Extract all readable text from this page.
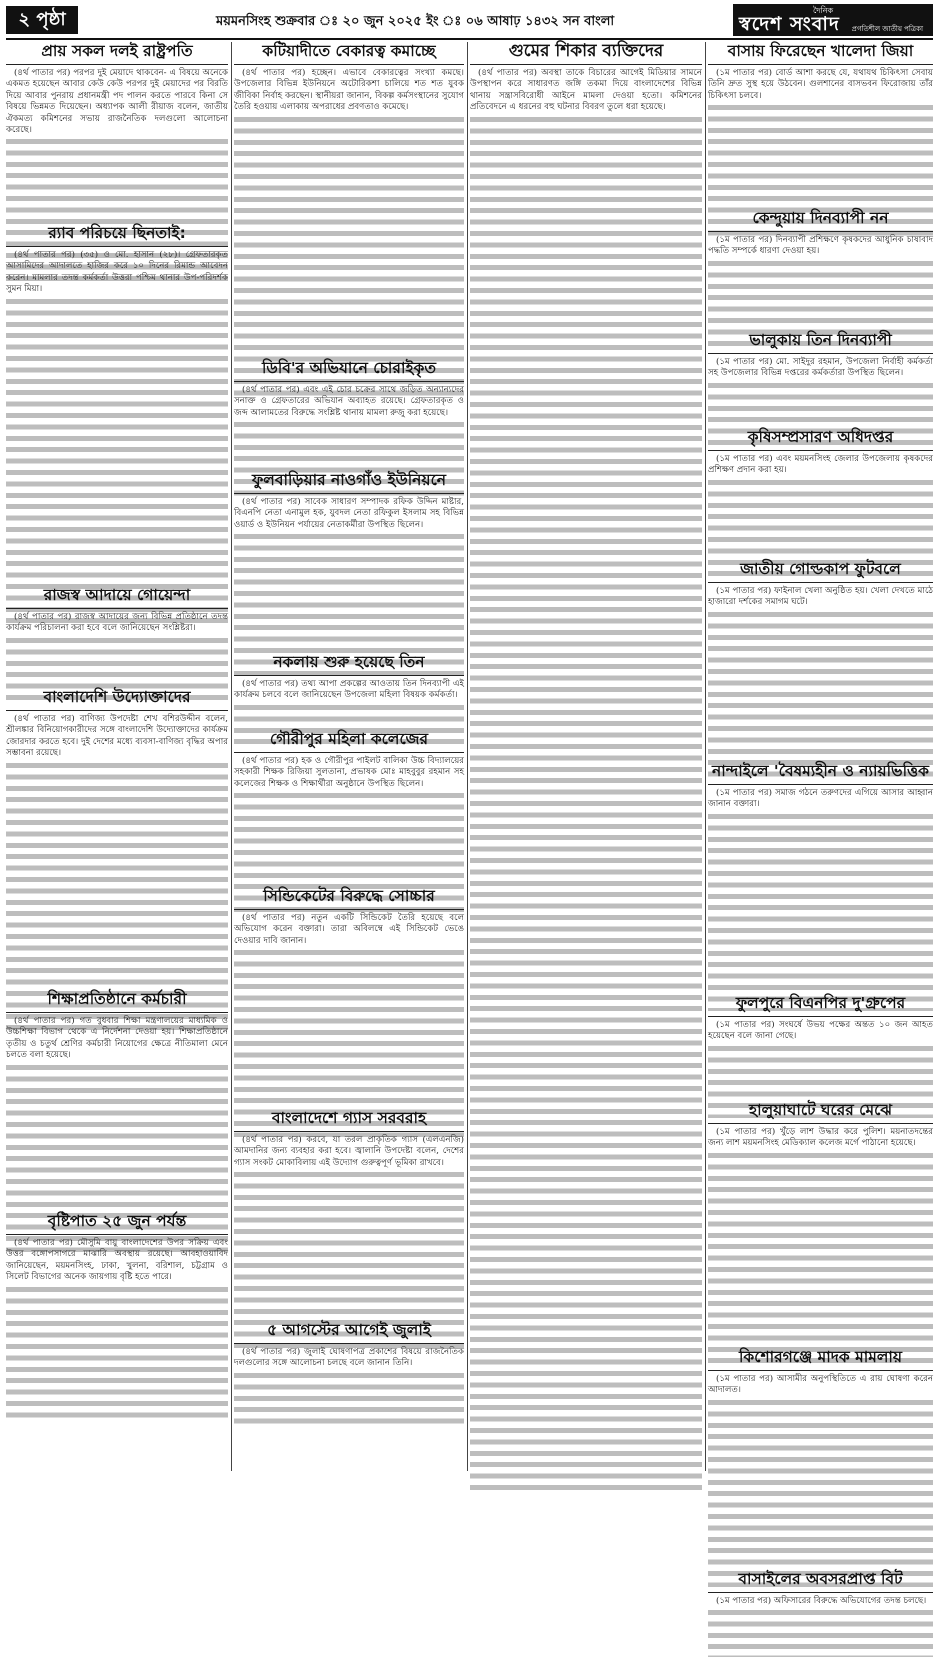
২ পৃষ্ঠা	ময়মনসিংহ শুক্রবার ঃ ২০ জুন ২০২৫ ইং ঃ ০৬ আষাঢ় ১৪৩২ সন বাংলা
দৈনিক
স্বদেশ সংবাদ প্রগতিশীল জাতীয় পত্রিকা
প্রায় সকল দলই রাষ্ট্রপতি

(৪র্থ পাতার পর) পরপর দুই মেয়াদে থাকবেন- এ বিষয়ে অনেকে একমত হয়েছেন আবার কেউ কেউ পরপর দুই মেয়াদের পর বিরতি দিয়ে আবার পুনরায় প্রধানমন্ত্রী পদ পালন করতে পারবে কিনা সে বিষয়ে ভিন্নমত দিয়েছেন। অধ্যাপক আলী রীয়াজ বলেন, জাতীয় ঐকমত্য কমিশনের সভায় রাজনৈতিক দলগুলো আলোচনা করেছে।

র‌্যাব পরিচয়ে ছিনতাই:

(৪র্থ পাতার পর) (৩৫) ও মো. হাসান (২৮)। গ্রেফতারকৃত আসামিদের আদালতে হাজির করে ১০ দিনের রিমান্ড আবেদন করেন। মামলার তদন্ত কর্মকর্তা উত্তরা পশ্চিম থানার উপ-পরিদর্শক সুমন মিয়া।

রাজস্ব আদায়ে গোয়েন্দা

(৪র্থ পাতার পর) রাজস্ব আদায়ের জন্য বিভিন্ন প্রতিষ্ঠানে তদন্ত কার্যক্রম পরিচালনা করা হবে বলে জানিয়েছেন সংশ্লিষ্টরা।

বাংলাদেশি উদ্যোক্তাদের

(৪র্থ পাতার পর) বাণিজ্য উপদেষ্টা শেখ বশিরউদ্দীন বলেন, শ্রীলঙ্কার বিনিয়োগকারীদের সঙ্গে বাংলাদেশি উদ্যোক্তাদের কার্যক্রম জোরদার করতে হবে। দুই দেশের মধ্যে ব্যবসা-বাণিজ্য বৃদ্ধির অপার সম্ভাবনা রয়েছে।

শিক্ষাপ্রতিষ্ঠানে কর্মচারী

(৪র্থ পাতার পর) গত বুধবার শিক্ষা মন্ত্রণালয়ের মাধ্যমিক ও উচ্চশিক্ষা বিভাগ থেকে এ নির্দেশনা দেওয়া হয়। শিক্ষাপ্রতিষ্ঠানে তৃতীয় ও চতুর্থ শ্রেণির কর্মচারী নিয়োগের ক্ষেত্রে নীতিমালা মেনে চলতে বলা হয়েছে।

বৃষ্টিপাত ২৫ জুন পর্যন্ত

(৪র্থ পাতার পর) মৌসুমি বায়ু বাংলাদেশের উপর সক্রিয় এবং উত্তর বঙ্গোপসাগরে মাঝারি অবস্থায় রয়েছে। আবহাওয়াবিদ জানিয়েছেন, ময়মনসিংহ, ঢাকা, খুলনা, বরিশাল, চট্টগ্রাম ও সিলেট বিভাগের অনেক জায়গায় বৃষ্টি হতে পারে।

কটিয়াদীতে বেকারত্ব কমাচ্ছে

(৪র্থ পাতার পর) হচ্ছেন। এভাবে বেকারত্বের সংখ্যা কমছে। উপজেলার বিভিন্ন ইউনিয়নে অটোরিকশা চালিয়ে শত শত যুবক জীবিকা নির্বাহ করছেন। স্থানীয়রা জানান, বিকল্প কর্মসংস্থানের সুযোগ তৈরি হওয়ায় এলাকায় অপরাধের প্রবণতাও কমেছে।

ডিবি'র অভিযানে চোরাইকৃত

(৪র্থ পাতার পর) এবং এই চোর চক্রের সাথে জড়িত অন্যান্যদের সনাক্ত ও গ্রেফতারের অভিযান অব্যাহত রয়েছে। গ্রেফতারকৃত ও জব্দ আলামতের বিরুদ্ধে সংশ্লিষ্ট থানায় মামলা রুজু করা হয়েছে।

ফুলবাড়িয়ার নাওগাঁও ইউনিয়নে

(৪র্থ পাতার পর) সাবেক সাধারণ সম্পাদক রফিক উদ্দিন মাষ্টার, বিএনপি নেতা এনামুল হক, যুবদল নেতা রফিকুল ইসলাম সহ বিভিন্ন ওয়ার্ড ও ইউনিয়ন পর্যায়ের নেতাকর্মীরা উপস্থিত ছিলেন।

নকলায় শুরু হয়েছে তিন

(৪র্থ পাতার পর) তথ্য আপা প্রকল্পের আওতায় তিন দিনব্যাপী এই কার্যক্রম চলবে বলে জানিয়েছেন উপজেলা মহিলা বিষয়ক কর্মকর্তা।

গৌরীপুর মহিলা কলেজের

(৪র্থ পাতার পর) হক ও গৌরীপুর পাইলট বালিকা উচ্চ বিদ্যালয়ের সহকারী শিক্ষক রিজিয়া সুলতানা, প্রভাষক মোঃ মাহবুবুর রহমান সহ কলেজের শিক্ষক ও শিক্ষার্থীরা অনুষ্ঠানে উপস্থিত ছিলেন।

সিন্ডিকেটের বিরুদ্ধে সোচ্চার

(৪র্থ পাতার পর) নতুন একটি সিন্ডিকেট তৈরি হয়েছে বলে অভিযোগ করেন বক্তারা। তারা অবিলম্বে এই সিন্ডিকেট ভেঙে দেওয়ার দাবি জানান।

বাংলাদেশে গ্যাস সরবরাহ

(৪র্থ পাতার পর) করবে, যা তরল প্রাকৃতিক গ্যাস (এলএনজি) আমদানির জন্য ব্যবহার করা হবে। জ্বালানি উপদেষ্টা বলেন, দেশের গ্যাস সংকট মোকাবিলায় এই উদ্যোগ গুরুত্বপূর্ণ ভূমিকা রাখবে।

৫ আগস্টের আগেই জুলাই

(৪র্থ পাতার পর) জুলাই ঘোষণাপত্র প্রকাশের বিষয়ে রাজনৈতিক দলগুলোর সঙ্গে আলোচনা চলছে বলে জানান তিনি।

গুমের শিকার ব্যক্তিদের

(৪র্থ পাতার পর) অবস্থা তাকে বিচারের আগেই মিডিয়ার সামনে উপস্থাপন করে সাধারণত জঙ্গি তকমা দিয়ে বাংলাদেশের বিভিন্ন থানায় সন্ত্রাসবিরোধী আইনে মামলা দেওয়া হতো। কমিশনের প্রতিবেদনে এ ধরনের বহু ঘটনার বিবরণ তুলে ধরা হয়েছে।

বাসায় ফিরেছেন খালেদা জিয়া

(১ম পাতার পর) বোর্ড আশা করছে যে, যথাযথ চিকিৎসা সেবায় তিনি দ্রুত সুস্থ হয়ে উঠবেন। গুলশানের বাসভবন ফিরোজায় তাঁর চিকিৎসা চলবে।

কেন্দুয়ায় দিনব্যাপী নন

(১ম পাতার পর) দিনব্যাপী প্রশিক্ষণে কৃষকদের আধুনিক চাষাবাদ পদ্ধতি সম্পর্কে ধারণা দেওয়া হয়।

ভালুকায় তিন দিনব্যাপী

(১ম পাতার পর) মো. সাইদুর রহমান, উপজেলা নির্বাহী কর্মকর্তা সহ উপজেলার বিভিন্ন দপ্তরের কর্মকর্তারা উপস্থিত ছিলেন।

কৃষিসম্প্রসারণ অধিদপ্তর

(১ম পাতার পর) এবং ময়মনসিংহ জেলার উপজেলায় কৃষকদের প্রশিক্ষণ প্রদান করা হয়।

জাতীয় গোল্ডকাপ ফুটবলে

(১ম পাতার পর) ফাইনাল খেলা অনুষ্ঠিত হয়। খেলা দেখতে মাঠে হাজারো দর্শকের সমাগম ঘটে।

নান্দাইলে 'বৈষম্যহীন ও ন্যায়ভিত্তিক

(১ম পাতার পর) সমাজ গঠনে তরুণদের এগিয়ে আসার আহ্বান জানান বক্তারা।

ফুলপুরে বিএনপির দু'গ্রুপের

(১ম পাতার পর) সংঘর্ষে উভয় পক্ষের অন্তত ১০ জন আহত হয়েছেন বলে জানা গেছে।

হালুয়াঘাটে ঘরের মেঝে

(১ম পাতার পর) খুঁড়ে লাশ উদ্ধার করে পুলিশ। ময়নাতদন্তের জন্য লাশ ময়মনসিংহ মেডিক্যাল কলেজ মর্গে পাঠানো হয়েছে।

কিশোরগঞ্জে মাদক মামলায়

(১ম পাতার পর) আসামীর অনুপস্থিতিতে এ রায় ঘোষণা করেন আদালত।

বাসাইলের অবসরপ্রাপ্ত বিট

(১ম পাতার পর) অফিসারের বিরুদ্ধে অভিযোগের তদন্ত চলছে।
